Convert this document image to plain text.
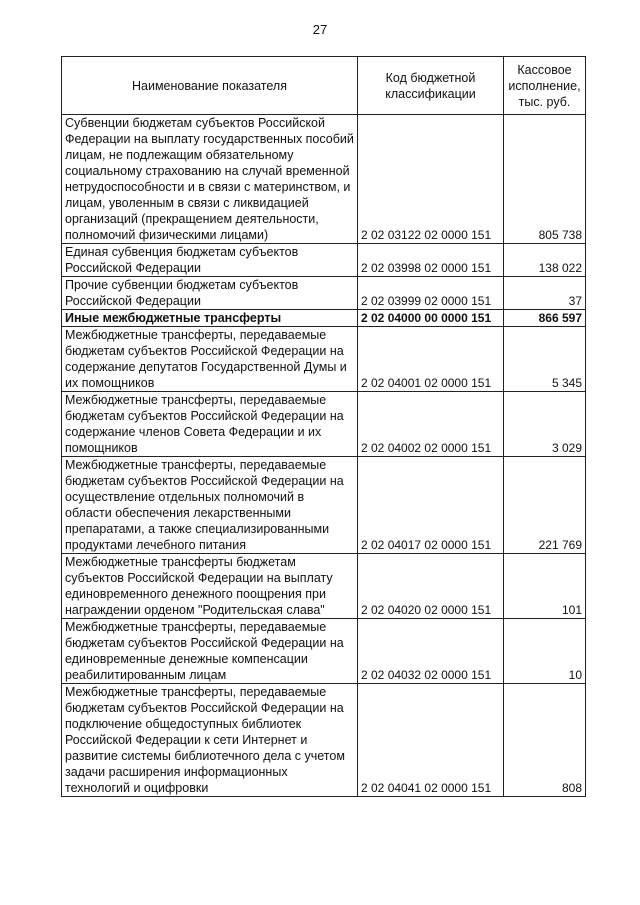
27
Наименование показателя	Код бюджетной классификации	Кассовое исполнение, тыс. руб.
Субвенции бюджетам субъектов Российской Федерации на выплату государственных пособий лицам, не подлежащим обязательному социальному страхованию на случай временной нетрудоспособности и в связи с материнством, и лицам, уволенным в связи с ликвидацией организаций (прекращением деятельности, полномочий физическими лицами)	2 02 03122 02 0000 151	805 738
Единая субвенция бюджетам субъектов Российской Федерации	2 02 03998 02 0000 151	138 022
Прочие субвенции бюджетам субъектов Российской Федерации	2 02 03999 02 0000 151	37
Иные межбюджетные трансферты	2 02 04000 00 0000 151	866 597
Межбюджетные трансферты, передаваемые бюджетам субъектов Российской Федерации на содержание депутатов Государственной Думы и их помощников	2 02 04001 02 0000 151	5 345
Межбюджетные трансферты, передаваемые бюджетам субъектов Российской Федерации на содержание членов Совета Федерации и их помощников	2 02 04002 02 0000 151	3 029
Межбюджетные трансферты, передаваемые бюджетам субъектов Российской Федерации на осуществление отдельных полномочий в области обеспечения лекарственными препаратами, а также специализированными продуктами лечебного питания	2 02 04017 02 0000 151	221 769
Межбюджетные трансферты бюджетам субъектов Российской Федерации на выплату единовременного денежного поощрения при награждении орденом "Родительская слава"	2 02 04020 02 0000 151	101
Межбюджетные трансферты, передаваемые бюджетам субъектов Российской Федерации на единовременные денежные компенсации реабилитированным лицам	2 02 04032 02 0000 151	10
Межбюджетные трансферты, передаваемые бюджетам субъектов Российской Федерации на подключение общедоступных библиотек Российской Федерации к сети Интернет и развитие системы библиотечного дела с учетом задачи расширения информационных технологий и оцифровки	2 02 04041 02 0000 151	808
